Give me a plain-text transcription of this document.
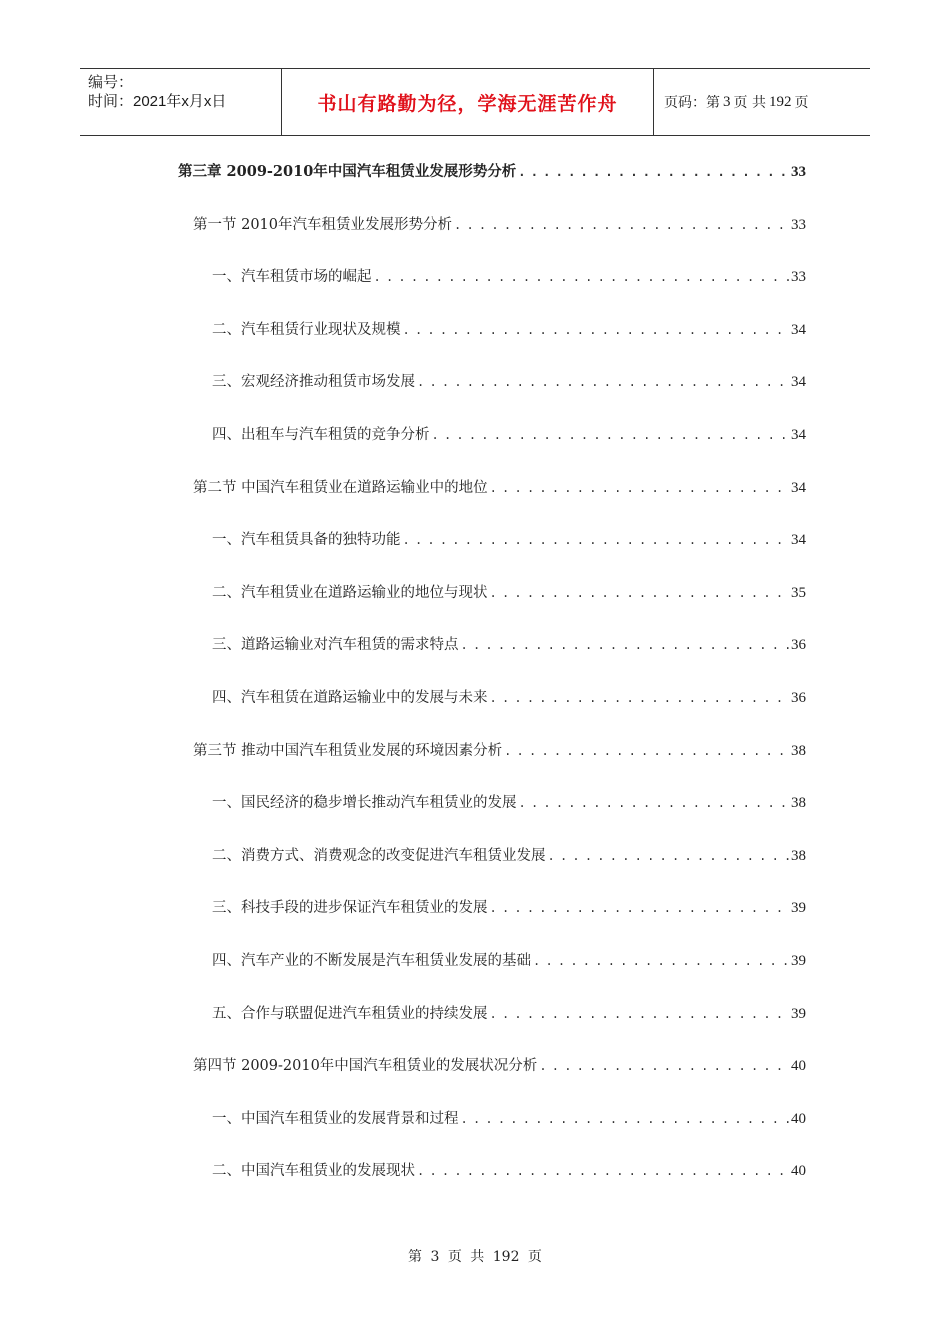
编号：
时间：2021年x月x日	书山有路勤为径，学海无涯苦作舟	页码：第 3 页 共 192 页
第三章 2009-2010年中国汽车租赁业发展形势分析 . . .	33
第一节 2010年汽车租赁业发展形势分析 . . .	33
一、汽车租赁市场的崛起 . . .	33
二、汽车租赁行业现状及规模 . . .	34
三、宏观经济推动租赁市场发展 . . .	34
四、出租车与汽车租赁的竞争分析 . . .	34
第二节 中国汽车租赁业在道路运输业中的地位 . . .	34
一、汽车租赁具备的独特功能 . . .	34
二、汽车租赁业在道路运输业的地位与现状 . . .	35
三、道路运输业对汽车租赁的需求特点 . . .	36
四、汽车租赁在道路运输业中的发展与未来 . . .	36
第三节 推动中国汽车租赁业发展的环境因素分析 . . .	38
一、国民经济的稳步增长推动汽车租赁业的发展 . . .	38
二、消费方式、消费观念的改变促进汽车租赁业发展 . . .	38
三、科技手段的进步保证汽车租赁业的发展 . . .	39
四、汽车产业的不断发展是汽车租赁业发展的基础 . . .	39
五、合作与联盟促进汽车租赁业的持续发展 . . .	39
第四节 2009-2010年中国汽车租赁业的发展状况分析 . . .	40
一、中国汽车租赁业的发展背景和过程 . . .	40
二、中国汽车租赁业的发展现状 . . .	40
第 3 页 共 192 页
